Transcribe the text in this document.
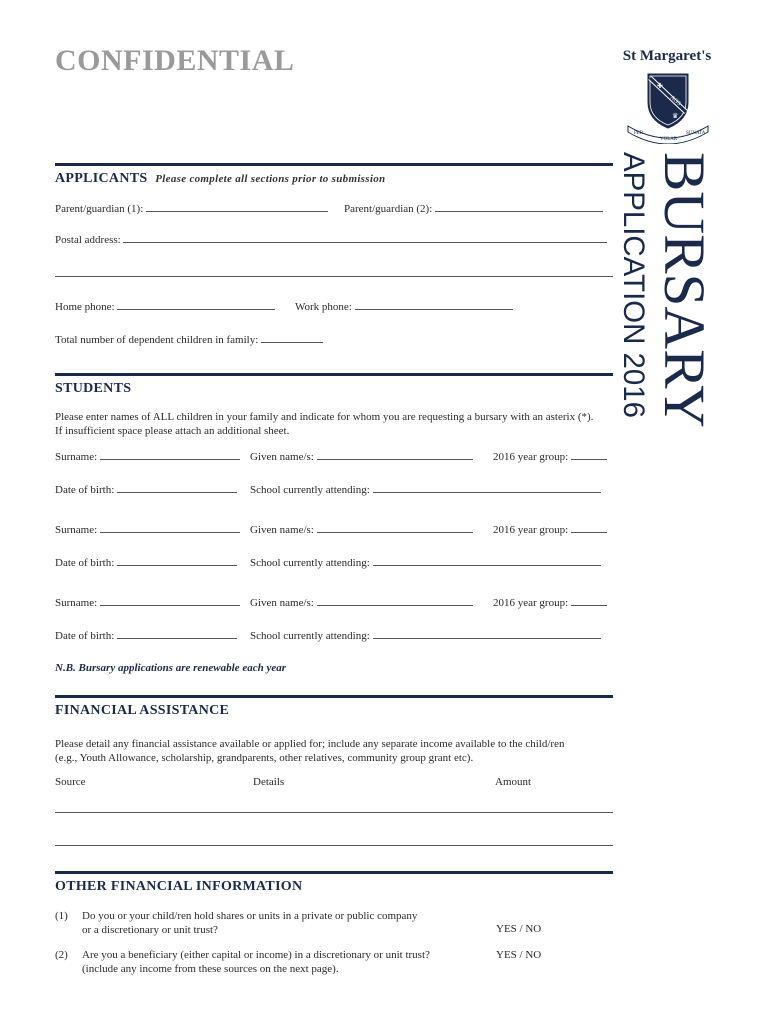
CONFIDENTIAL	St Margaret's
✚
♛
AGS
PER
VOLAR
SUNATA
BURSARY
APPLICATION 2016
APPLICANTS Please complete all sections prior to submission
Parent/guardian (1):	Parent/guardian (2):
Postal address:
Home phone:	Work phone:
Total number of dependent children in family:
STUDENTS
Please enter names of ALL children in your family and indicate for whom you are requesting a bursary with an asterix (*).
If insufficient space please attach an additional sheet.
Surname:	Given name/s:	2016 year group:
Date of birth:	School currently attending:
Surname:	Given name/s:	2016 year group:
Date of birth:	School currently attending:
Surname:	Given name/s:	2016 year group:
Date of birth:	School currently attending:
N.B. Bursary applications are renewable each year
FINANCIAL ASSISTANCE
Please detail any financial assistance available or applied for; include any separate income available to the child/ren
(e.g., Youth Allowance, scholarship, grandparents, other relatives, community group grant etc).
Source	Details	Amount
OTHER FINANCIAL INFORMATION
(1) Do you or your child/ren hold shares or units in a private or public company
or a discretionary or unit trust?	YES / NO
(2) Are you a beneficiary (either capital or income) in a discretionary or unit trust?
(include any income from these sources on the next page).
YES / NO
